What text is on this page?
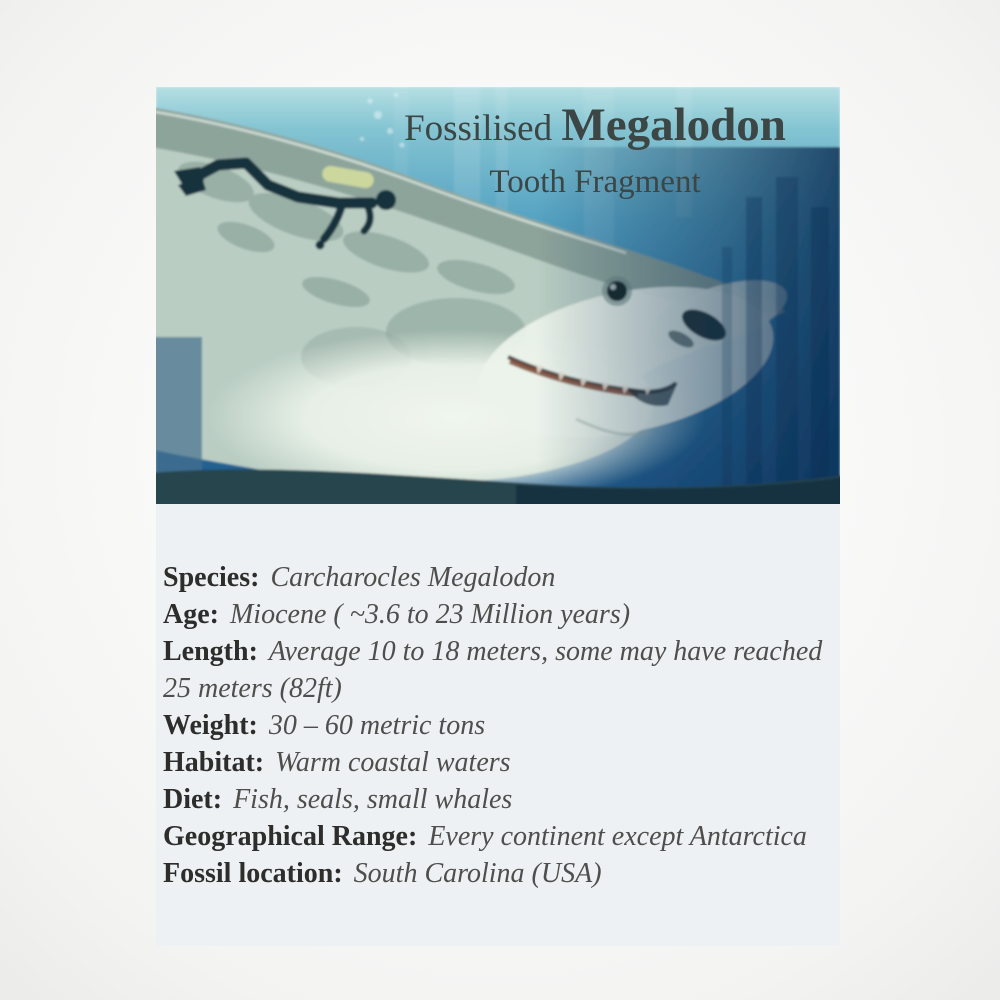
Fossilised Megalodon
Tooth Fragment

Species: Carcharocles Megalodon

Age: Miocene ( ~3.6 to 23 Million years)

Length: Average 10 to 18 meters, some may have reached 25 meters (82ft)

Weight: 30 – 60 metric tons

Habitat: Warm coastal waters

Diet: Fish, seals, small whales

Geographical Range: Every continent except Antarctica

Fossil location: South Carolina (USA)
